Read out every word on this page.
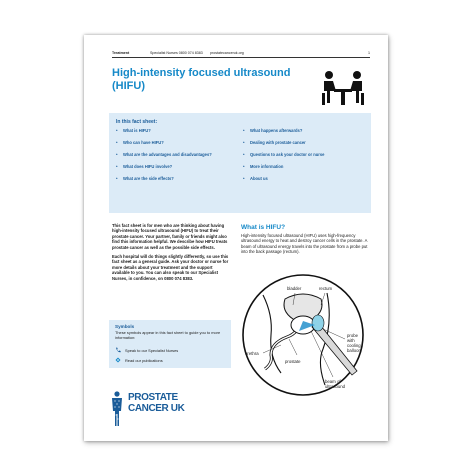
Treatment	Specialist Nurses 0800 074 8383 prostatecanceruk.org	1
High-intensity focused ultrasound (HIFU)
In this fact sheet:
• What is HIFU?
• Who can have HIFU?
• What are the advantages and disadvantages?
• What does HIFU involve?
• What are the side effects?
• What happens afterwards?
• Dealing with prostate cancer
• Questions to ask your doctor or nurse
• More information
• About us

This fact sheet is for men who are thinking about having high-intensity focused ultrasound (HIFU) to treat their prostate cancer. Your partner, family or friends might also find this information helpful. We describe how HIFU treats prostate cancer as well as the possible side effects.

Each hospital will do things slightly differently, so use this fact sheet as a general guide. Ask your doctor or nurse for more details about your treatment and the support available to you. You can also speak to our Specialist Nurses, in confidence, on 0800 074 8383.

Symbols
These symbols appear in this fact sheet to guide you to more information:
Speak to our Specialist Nurses
Read our publications
What is HIFU?
High-intensity focused ultrasound (HIFU) uses high-frequency ultrasound energy to heat and destroy cancer cells in the prostate. A beam of ultrasound energy travels into the prostate from a probe put into the back passage (rectum).
bladder	rectum
urethra
probe
with
cooling
balloon
prostate
beam of
ultrasound
PROSTATE
CANCER UK
